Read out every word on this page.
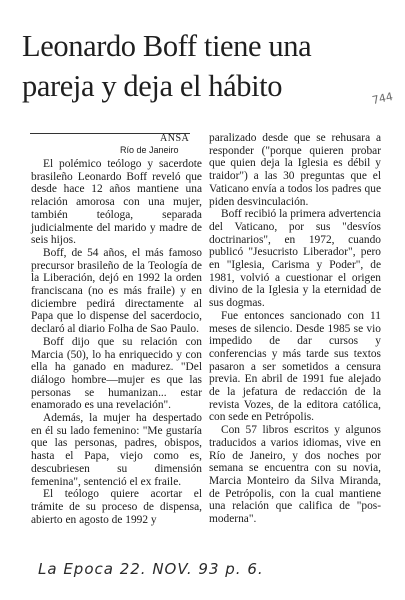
Leonardo Boff tiene una
pareja y deja el hábito	744
ANSA
Río de Janeiro

El polémico teólogo y sacerdote brasileño Leonardo Boff reveló que desde hace 12 años mantiene una relación amorosa con una mujer, también teóloga, separada judicialmente del marido y madre de seis hijos.

Boff, de 54 años, el más famoso precursor brasileño de la Teología de la Liberación, dejó en 1992 la orden franciscana (no es más fraile) y en diciembre pedirá directamente al Papa que lo dispense del sacerdocio, declaró al diario Folha de Sao Paulo.

Boff dijo que su relación con Marcia (50), lo ha enriquecido y con ella ha ganado en madurez. "Del diálogo hombre—mujer es que las personas se humanizan... estar enamorado es una revelación".

Además, la mujer ha despertado en él su lado femenino: "Me gustaría que las personas, padres, obispos, hasta el Papa, viejo como es, descubriesen su dimensión femenina", sentenció el ex fraile.

El teólogo quiere acortar el trámite de su proceso de dispensa, abierto en agosto de 1992 y

paralizado desde que se rehusara a responder ("porque quieren probar que quien deja la Iglesia es débil y traidor") a las 30 preguntas que el Vaticano envía a todos los padres que piden desvinculación.

Boff recibió la primera advertencia del Vaticano, por sus "desvíos doctrinarios", en 1972, cuando publicó "Jesucristo Liberador", pero en "Iglesia, Carisma y Poder", de 1981, volvió a cuestionar el origen divino de la Iglesia y la eternidad de sus dogmas.

Fue entonces sancionado con 11 meses de silencio. Desde 1985 se vio impedido de dar cursos y conferencias y más tarde sus textos pasaron a ser sometidos a censura previa. En abril de 1991 fue alejado de la jefatura de redacción de la revista Vozes, de la editora católica, con sede en Petrópolis.

Con 57 libros escritos y algunos traducidos a varios idiomas, vive en Río de Janeiro, y dos noches por semana se encuentra con su novia, Marcia Monteiro da Silva Miranda, de Petrópolis, con la cual mantiene una relación que califica de "pos-moderna".

La Epoca 22. NOV. 93 p. 6.
